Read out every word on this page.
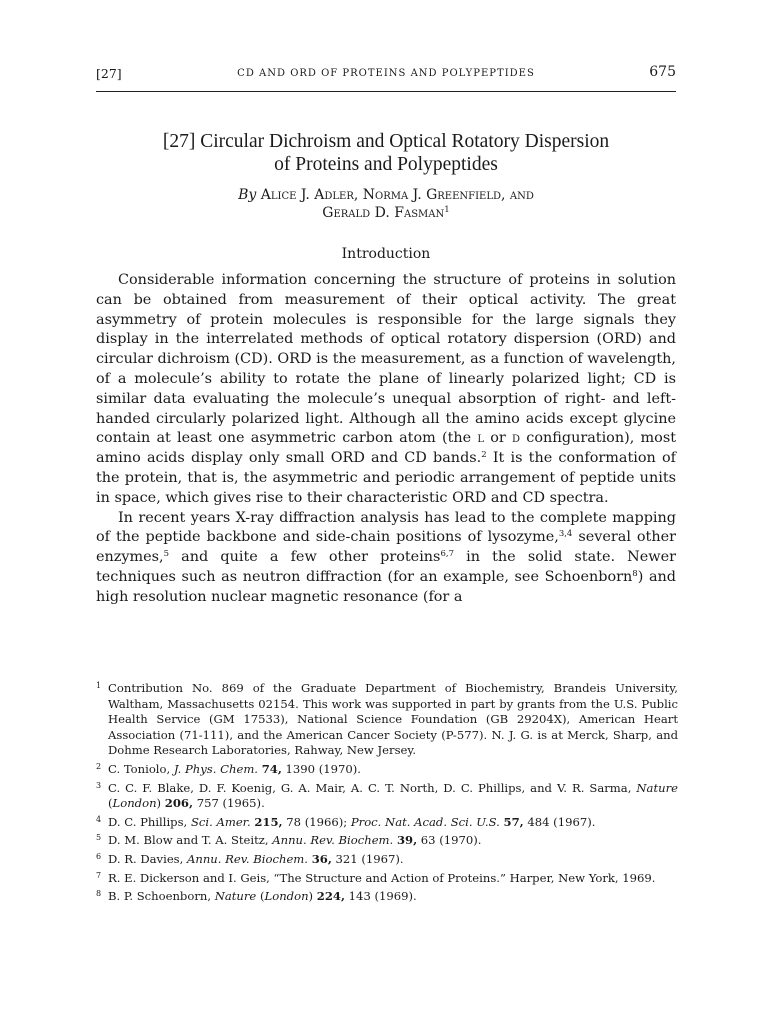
[27]	CD AND ORD OF PROTEINS AND POLYPEPTIDES	675
[27] Circular Dichroism and Optical Rotatory Dispersion
of Proteins and Polypeptides
By Alice J. Adler, Norma J. Greenfield, and
Gerald D. Fasman$^1$
Introduction

Considerable information concerning the structure of proteins in solution can be obtained from measurement of their optical activity. The great asymmetry of protein molecules is responsible for the large signals they display in the interrelated methods of optical rotatory dispersion (ORD) and circular dichroism (CD). ORD is the measurement, as a function of wavelength, of a molecule’s ability to rotate the plane of linearly polarized light; CD is similar data evaluating the molecule’s unequal absorption of right- and left-handed circularly polarized light. Although all the amino acids except glycine contain at least one asymmetric carbon atom (the l or d configuration), most amino acids display only small ORD and CD bands.$^2$ It is the conformation of the protein, that is, the asymmetric and periodic arrangement of peptide units in space, which gives rise to their characteristic ORD and CD spectra.

In recent years X-ray diffraction analysis has lead to the complete mapping of the peptide backbone and side-chain positions of lysozyme,$^{3,4}$ several other enzymes,$^5$ and quite a few other proteins$^{6,7}$ in the solid state. Newer techniques such as neutron diffraction (for an example, see Schoenborn$^8$) and high resolution nuclear magnetic resonance (for a

1 Contribution No. 869 of the Graduate Department of Biochemistry, Brandeis University, Waltham, Massachusetts 02154. This work was supported in part by grants from the U.S. Public Health Service (GM 17533), National Science Foundation (GB 29204X), American Heart Association (71-111), and the American Cancer Society (P-577). N. J. G. is at Merck, Sharp, and Dohme Research Laboratories, Rahway, New Jersey.

2 C. Toniolo, J. Phys. Chem. 74, 1390 (1970).

3 C. C. F. Blake, D. F. Koenig, G. A. Mair, A. C. T. North, D. C. Phillips, and V. R. Sarma, Nature (London) 206, 757 (1965).

4 D. C. Phillips, Sci. Amer. 215, 78 (1966); Proc. Nat. Acad. Sci. U.S. 57, 484 (1967).

5 D. M. Blow and T. A. Steitz, Annu. Rev. Biochem. 39, 63 (1970).

6 D. R. Davies, Annu. Rev. Biochem. 36, 321 (1967).

7 R. E. Dickerson and I. Geis, “The Structure and Action of Proteins.” Harper, New York, 1969.

8 B. P. Schoenborn, Nature (London) 224, 143 (1969).
